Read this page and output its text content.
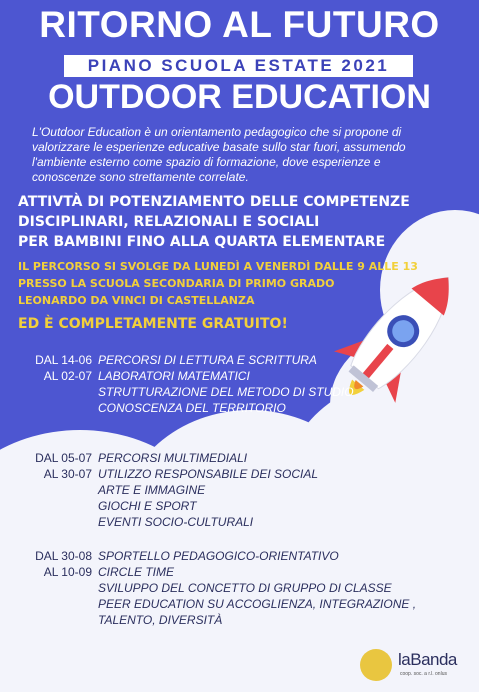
RITORNO AL FUTURO
PIANO SCUOLA ESTATE 2021
OUTDOOR EDUCATION
L'Outdoor Education è un orientamento pedagogico che si propone di
valorizzare le esperienze educative basate sullo star fuori, assumendo
l'ambiente esterno come spazio di formazione, dove esperienze e
conoscenze sono strettamente correlate.
ATTIVTÀ DI POTENZIAMENTO DELLE COMPETENZE
DISCIPLINARI, RELAZIONALI E SOCIALI
PER BAMBINI FINO ALLA QUARTA ELEMENTARE
IL PERCORSO SI SVOLGE DA LUNEDÌ A VENERDÌ DALLE 9 ALLE 13
PRESSO LA SCUOLA SECONDARIA DI PRIMO GRADO
LEONARDO DA VINCI DI CASTELLANZA
ED È COMPLETAMENTE GRATUITO!
DAL 14-06
AL 02-07
PERCORSI DI LETTURA E SCRITTURA
LABORATORI MATEMATICI
STRUTTURAZIONE DEL METODO DI STUDIO
CONOSCENZA DEL TERRITORIO
DAL 05-07
AL 30-07
PERCORSI MULTIMEDIALI
UTILIZZO RESPONSABILE DEI SOCIAL
ARTE E IMMAGINE
GIOCHI E SPORT
EVENTI SOCIO-CULTURALI
DAL 30-08
AL 10-09
SPORTELLO PEDAGOGICO-ORIENTATIVO
CIRCLE TIME
SVILUPPO DEL CONCETTO DI GRUPPO DI CLASSE
PEER EDUCATION SU ACCOGLIENZA, INTEGRAZIONE ,
TALENTO, DIVERSITÀ
laBanda
coop. soc. a r.l. onlus
